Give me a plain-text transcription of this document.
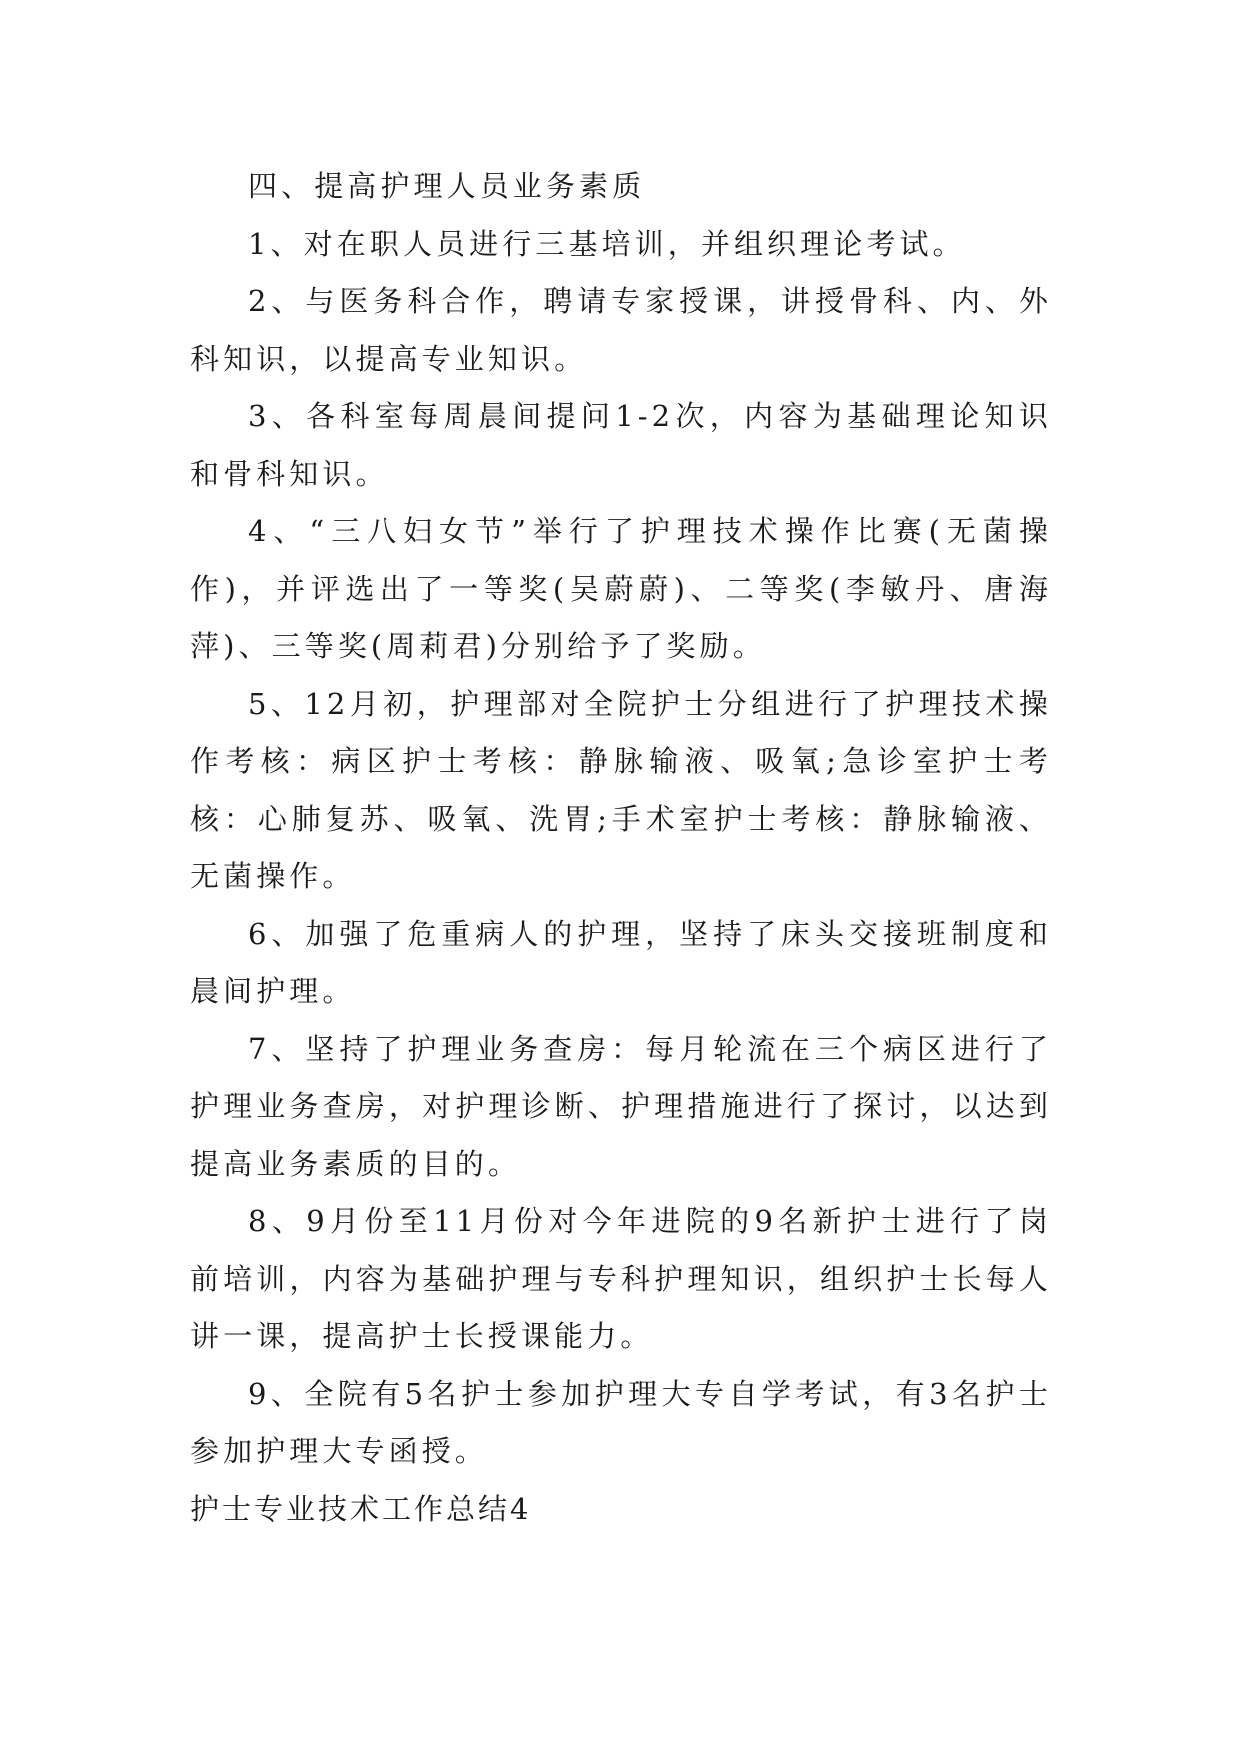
四、提高护理人员业务素质

1、对在职人员进行三基培训，并组织理论考试。

2、与医务科合作，聘请专家授课，讲授骨科、内、外科知识，以提高专业知识。

3、各科室每周晨间提问1-2次，内容为基础理论知识和骨科知识。

4、“三八妇女节”举行了护理技术操作比赛(无菌操作)，并评选出了一等奖(吴蔚蔚)、二等奖(李敏丹、唐海萍)、三等奖(周莉君)分别给予了奖励。

5、12月初，护理部对全院护士分组进行了护理技术操作考核：病区护士考核：静脉输液、吸氧;急诊室护士考核：心肺复苏、吸氧、洗胃;手术室护士考核：静脉输液、无菌操作。

6、加强了危重病人的护理，坚持了床头交接班制度和晨间护理。

7、坚持了护理业务查房：每月轮流在三个病区进行了护理业务查房，对护理诊断、护理措施进行了探讨，以达到提高业务素质的目的。

8、9月份至11月份对今年进院的9名新护士进行了岗前培训，内容为基础护理与专科护理知识，组织护士长每人讲一课，提高护士长授课能力。

9、全院有5名护士参加护理大专自学考试，有3名护士参加护理大专函授。

护士专业技术工作总结4
